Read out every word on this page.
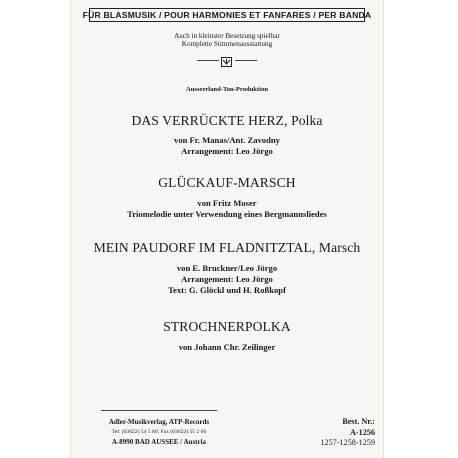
FÜR BLASMUSIK / POUR HARMONIES ET FANFARES / PER BANDA
Auch in kleinster Besetzung spielbar
Komplette Stimmenausstattung
Ausseerland-Ton-Produktion
DAS VERRÜCKTE HERZ, Polka
von Fr. Manas/Ant. Zavodny
Arrangement: Leo Jörgo
GLÜCKAUF-MARSCH
von Fritz Moser
Triomelodie unter Verwendung eines Bergmannsliedes
MEIN PAUDORF IM FLADNITZTAL, Marsch
von E. Bruckner/Leo Jörgo
Arrangement: Leo Jörgo
Text: G. Glöckl und H. Roßkopf
STROCHNERPOLKA
von Johann Chr. Zeilinger
Adler-Musikverlag, ATP-Records
Tel: (03622) 54 5 80; Fax (03622) 55 2 66
A-8990 BAD AUSSEE / Austria
Best. Nr.:
A-1256
1257-1258-1259
